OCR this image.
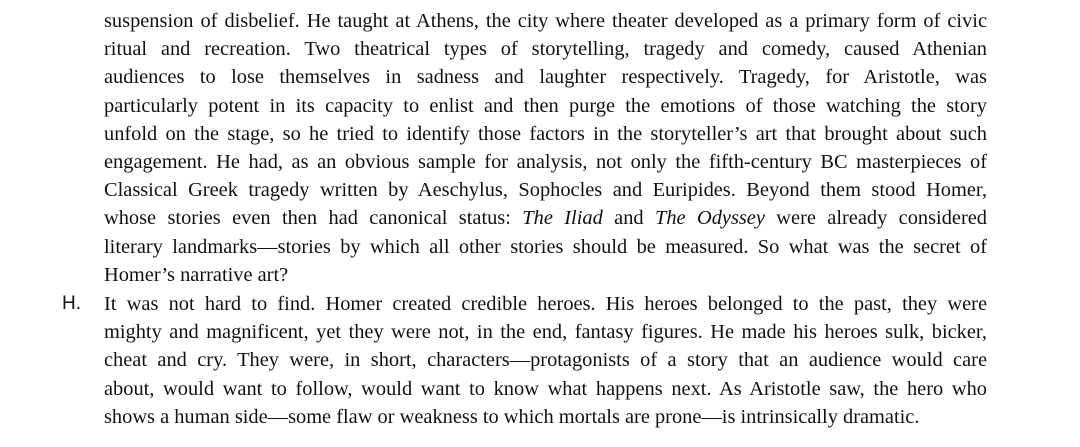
suspension of disbelief. He taught at Athens, the city where theater developed as a primary form of civic
ritual and recreation. Two theatrical types of storytelling, tragedy and comedy, caused Athenian
audiences to lose themselves in sadness and laughter respectively. Tragedy, for Aristotle, was
particularly potent in its capacity to enlist and then purge the emotions of those watching the story
unfold on the stage, so he tried to identify those factors in the storyteller’s art that brought about such
engagement. He had, as an obvious sample for analysis, not only the fifth-century BC masterpieces of
Classical Greek tragedy written by Aeschylus, Sophocles and Euripides. Beyond them stood Homer,
whose stories even then had canonical status: The Iliad and The Odyssey were already considered
literary landmarks—stories by which all other stories should be measured. So what was the secret of
Homer’s narrative art?
H. It was not hard to find. Homer created credible heroes. His heroes belonged to the past, they were
mighty and magnificent, yet they were not, in the end, fantasy figures. He made his heroes sulk, bicker,
cheat and cry. They were, in short, characters—protagonists of a story that an audience would care
about, would want to follow, would want to know what happens next. As Aristotle saw, the hero who
shows a human side—some flaw or weakness to which mortals are prone—is intrinsically dramatic.
